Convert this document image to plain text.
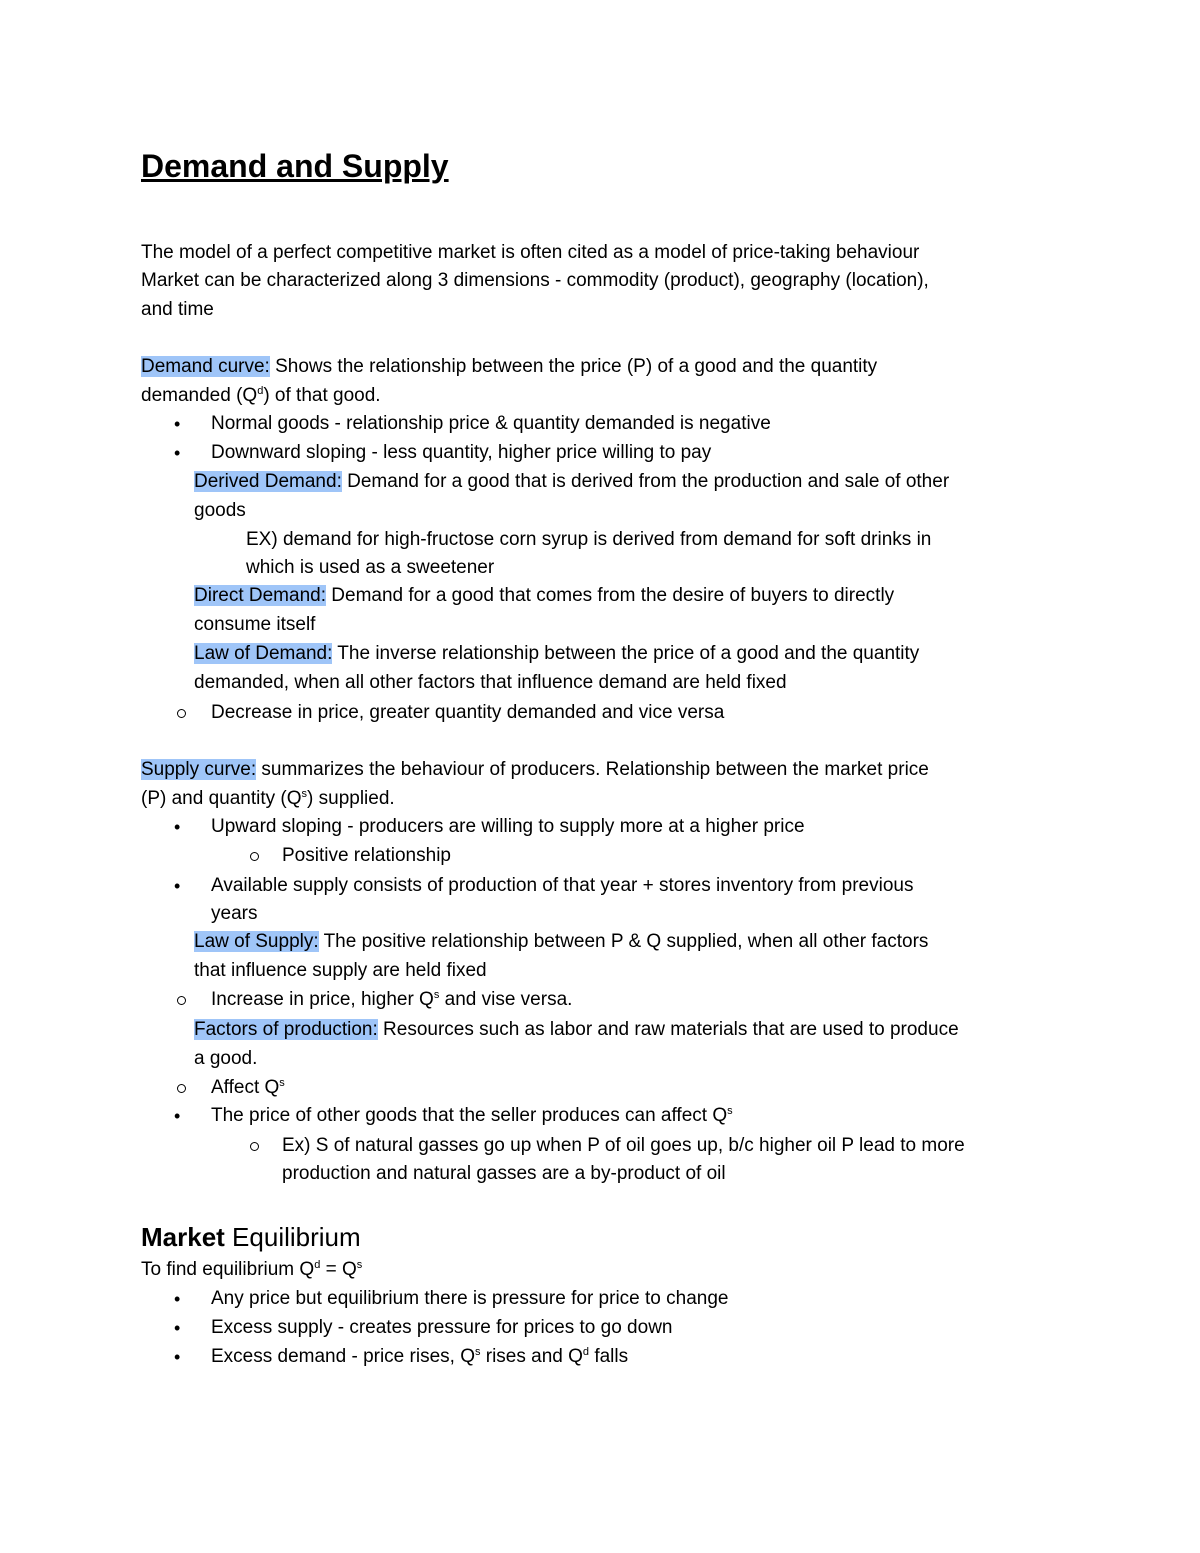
Demand and Supply
The model of a perfect competitive market is often cited as a model of price-taking behaviour
Market can be characterized along 3 dimensions - commodity (product), geography (location),
and time
Demand curve: Shows the relationship between the price (P) of a good and the quantity
demanded $(Q^d)$ of that good.
• Normal goods - relationship price & quantity demanded is negative
• Downward sloping - less quantity, higher price willing to pay
Derived Demand: Demand for a good that is derived from the production and sale of other
goods
EX) demand for high-fructose corn syrup is derived from demand for soft drinks in
which is used as a sweetener
Direct Demand: Demand for a good that comes from the desire of buyers to directly
consume itself
Law of Demand: The inverse relationship between the price of a good and the quantity
demanded, when all other factors that influence demand are held fixed
Decrease in price, greater quantity demanded and vice versa
Supply curve: summarizes the behaviour of producers. Relationship between the market price
(P) and quantity $(Q^s)$ supplied.
• Upward sloping - producers are willing to supply more at a higher price
Positive relationship
• Available supply consists of production of that year + stores inventory from previous
years
Law of Supply: The positive relationship between P & Q supplied, when all other factors
that influence supply are held fixed
Increase in price, higher $Q^s$ and vise versa.
Factors of production: Resources such as labor and raw materials that are used to produce
a good.
Affect $Q^s$
• The price of other goods that the seller produces can affect $Q^s$
Ex) S of natural gasses go up when P of oil goes up, b/c higher oil P lead to more
production and natural gasses are a by-product of oil
Market Equilibrium
To find equilibrium $Q^d = Q^s$
• Any price but equilibrium there is pressure for price to change
• Excess supply - creates pressure for prices to go down
• Excess demand - price rises, $Q^s$ rises and $Q^d$ falls
